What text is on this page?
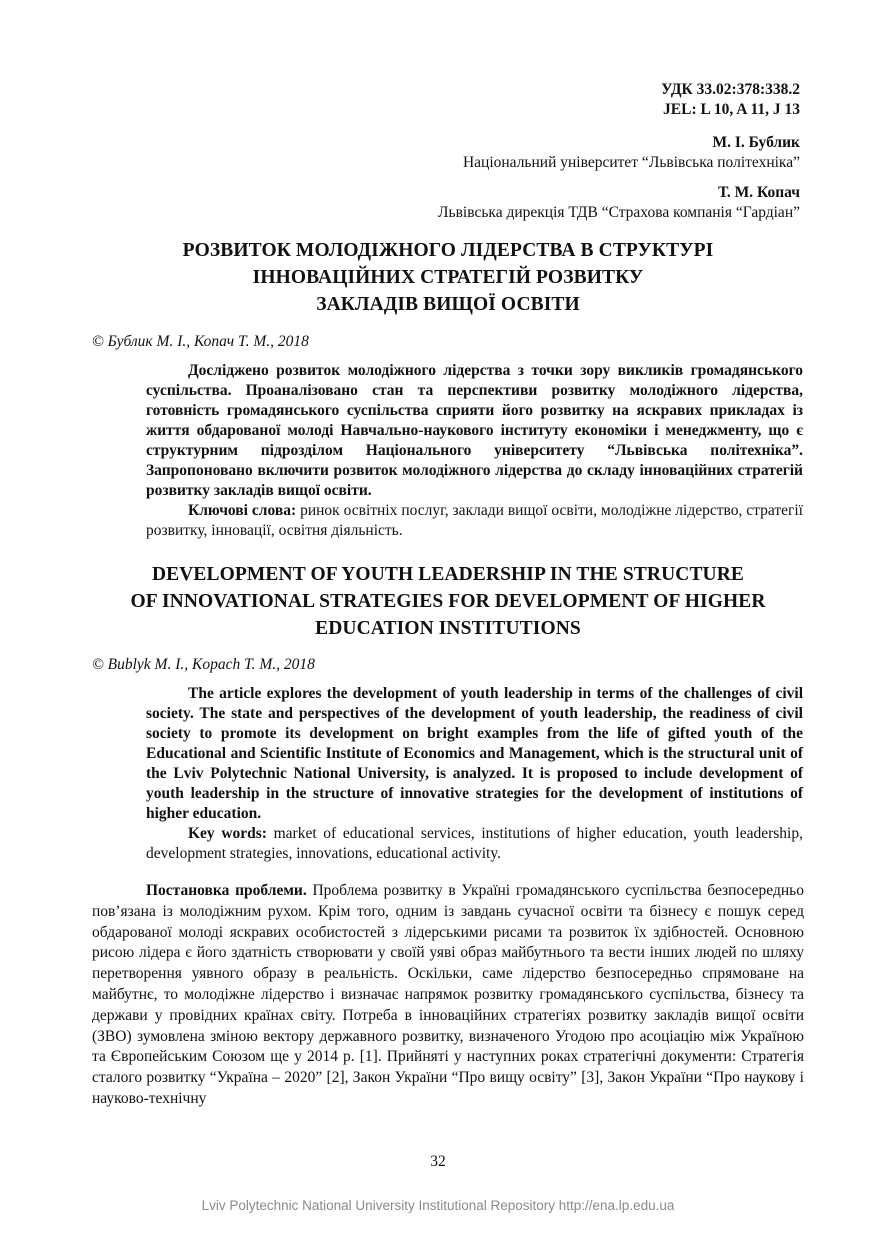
УДК 33.02:378:338.2
JEL: L 10, A 11, J 13
М. І. Бублик
Національний університет “Львівська політехніка”
Т. М. Копач
Львівська дирекція ТДВ “Страхова компанія “Гардіан”
РОЗВИТОК МОЛОДІЖНОГО ЛІДЕРСТВА В СТРУКТУРІ
ІННОВАЦІЙНИХ СТРАТЕГІЙ РОЗВИТКУ
ЗАКЛАДІВ ВИЩОЇ ОСВІТИ
© Бублик М. І., Копач Т. М., 2018

Досліджено розвиток молодіжного лідерства з точки зору викликів громадянського суспільства. Проаналізовано стан та перспективи розвитку молодіжного лідерства, готовність громадянського суспільства сприяти його розвитку на яскравих прикладах із життя обдарованої молоді Навчально-наукового інституту економіки і менеджменту, що є структурним підрозділом Національного університету “Львівська політехніка”. Запропоновано включити розвиток молодіжного лідерства до складу інноваційних стратегій розвитку закладів вищої освіти.

Ключові слова: ринок освітніх послуг, заклади вищої освіти, молодіжне лідерство, стратегії розвитку, інновації, освітня діяльність.

DEVELOPMENT OF YOUTH LEADERSHIP IN THE STRUCTURE
OF INNOVATIONAL STRATEGIES FOR DEVELOPMENT OF HIGHER
EDUCATION INSTITUTIONS
© Bublyk M. I., Kopach T. M., 2018

The article explores the development of youth leadership in terms of the challenges of civil society. The state and perspectives of the development of youth leadership, the readiness of civil society to promote its development on bright examples from the life of gifted youth of the Educational and Scientific Institute of Economics and Management, which is the structural unit of the Lviv Polytechnic National University, is analyzed. It is proposed to include development of youth leadership in the structure of innovative strategies for the development of institutions of higher education.

Key words: market of educational services, institutions of higher education, youth leadership, development strategies, innovations, educational activity.

Постановка проблеми. Проблема розвитку в Україні громадянського суспільства безпосередньо пов’язана із молодіжним рухом. Крім того, одним із завдань сучасної освіти та бізнесу є пошук серед обдарованої молоді яскравих особистостей з лідерськими рисами та розвиток їх здібностей. Основною рисою лідера є його здатність створювати у своїй уяві образ майбутнього та вести інших людей по шляху перетворення уявного образу в реальність. Оскільки, саме лідерство безпосередньо спрямоване на майбутнє, то молодіжне лідерство і визначає напрямок розвитку громадянського суспільства, бізнесу та держави у провідних країнах світу. Потреба в інноваційних стратегіях розвитку закладів вищої освіти (ЗВО) зумовлена зміною вектору державного розвитку, визначеного Угодою про асоціацію між Україною та Європейським Союзом ще у 2014 р. [1]. Прийняті у наступних роках стратегічні документи: Стратегія сталого розвитку “Україна – 2020” [2], Закон України “Про вищу освіту” [3], Закон України “Про наукову і науково-технічну

32
Lviv Polytechnic National University Institutional Repository http://ena.lp.edu.ua
